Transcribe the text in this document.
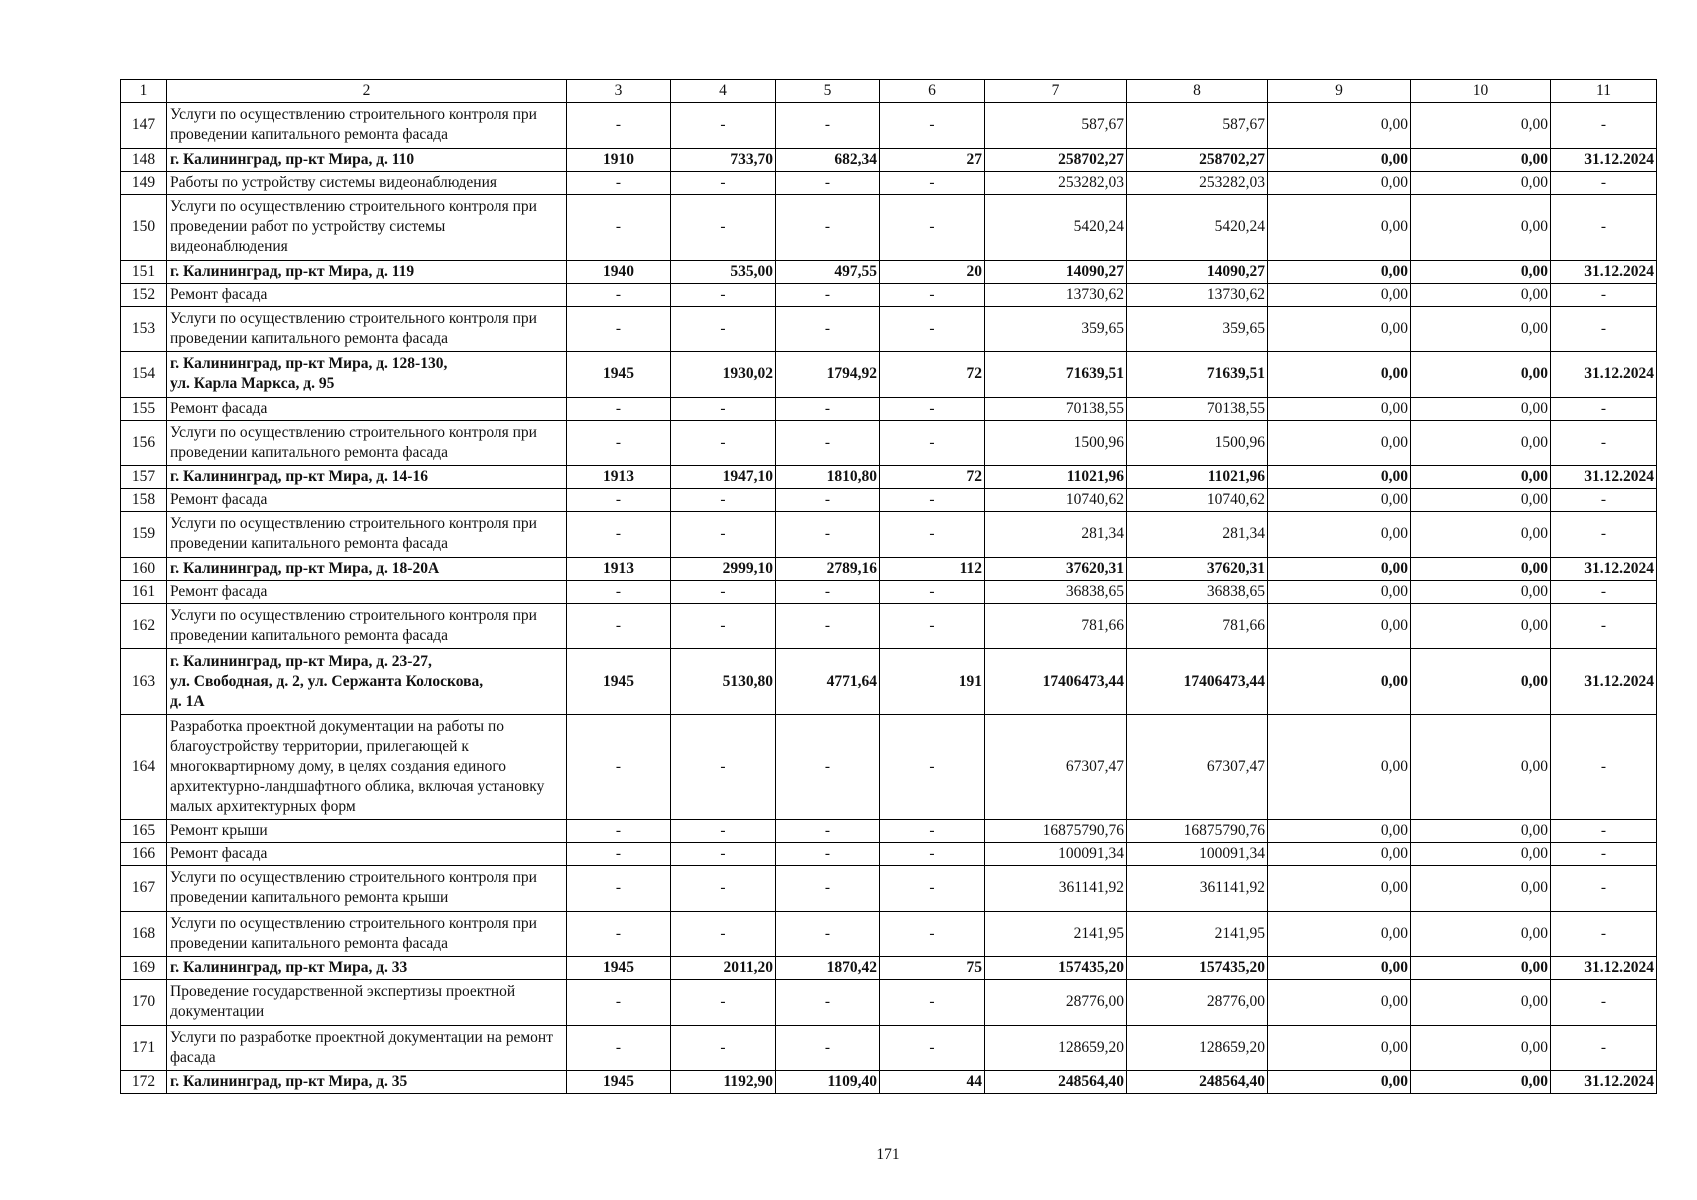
1	2	3	4	5	6	7	8	9	10	11
147	Услуги по осуществлению строительного контроля при
проведении капитального ремонта фасада	-	-	-	-	587,67	587,67	0,00	0,00	-
148	г. Калининград, пр-кт Мира, д. 110	1910	733,70	682,34	27	258702,27	258702,27	0,00	0,00	31.12.2024
149	Работы по устройству системы видеонаблюдения	-	-	-	-	253282,03	253282,03	0,00	0,00	-
150	Услуги по осуществлению строительного контроля при
проведении работ по устройству системы
видеонаблюдения	-	-	-	-	5420,24	5420,24	0,00	0,00	-
151	г. Калининград, пр-кт Мира, д. 119	1940	535,00	497,55	20	14090,27	14090,27	0,00	0,00	31.12.2024
152	Ремонт фасада	-	-	-	-	13730,62	13730,62	0,00	0,00	-
153	Услуги по осуществлению строительного контроля при
проведении капитального ремонта фасада	-	-	-	-	359,65	359,65	0,00	0,00	-
154	г. Калининград, пр-кт Мира, д. 128-130,
ул. Карла Маркса, д. 95	1945	1930,02	1794,92	72	71639,51	71639,51	0,00	0,00	31.12.2024
155	Ремонт фасада	-	-	-	-	70138,55	70138,55	0,00	0,00	-
156	Услуги по осуществлению строительного контроля при
проведении капитального ремонта фасада	-	-	-	-	1500,96	1500,96	0,00	0,00	-
157	г. Калининград, пр-кт Мира, д. 14-16	1913	1947,10	1810,80	72	11021,96	11021,96	0,00	0,00	31.12.2024
158	Ремонт фасада	-	-	-	-	10740,62	10740,62	0,00	0,00	-
159	Услуги по осуществлению строительного контроля при
проведении капитального ремонта фасада	-	-	-	-	281,34	281,34	0,00	0,00	-
160	г. Калининград, пр-кт Мира, д. 18-20А	1913	2999,10	2789,16	112	37620,31	37620,31	0,00	0,00	31.12.2024
161	Ремонт фасада	-	-	-	-	36838,65	36838,65	0,00	0,00	-
162	Услуги по осуществлению строительного контроля при
проведении капитального ремонта фасада	-	-	-	-	781,66	781,66	0,00	0,00	-
163	г. Калининград, пр-кт Мира, д. 23-27,
ул. Свободная, д. 2, ул. Сержанта Колоскова,
д. 1А	1945	5130,80	4771,64	191	17406473,44	17406473,44	0,00	0,00	31.12.2024
164	Разработка проектной документации на работы по
благоустройству территории, прилегающей к
многоквартирному дому, в целях создания единого
архитектурно-ландшафтного облика, включая установку
малых архитектурных форм	-	-	-	-	67307,47	67307,47	0,00	0,00	-
165	Ремонт крыши	-	-	-	-	16875790,76	16875790,76	0,00	0,00	-
166	Ремонт фасада	-	-	-	-	100091,34	100091,34	0,00	0,00	-
167	Услуги по осуществлению строительного контроля при
проведении капитального ремонта крыши	-	-	-	-	361141,92	361141,92	0,00	0,00	-
168	Услуги по осуществлению строительного контроля при
проведении капитального ремонта фасада	-	-	-	-	2141,95	2141,95	0,00	0,00	-
169	г. Калининград, пр-кт Мира, д. 33	1945	2011,20	1870,42	75	157435,20	157435,20	0,00	0,00	31.12.2024
170	Проведение государственной экспертизы проектной
документации	-	-	-	-	28776,00	28776,00	0,00	0,00	-
171	Услуги по разработке проектной документации на ремонт
фасада	-	-	-	-	128659,20	128659,20	0,00	0,00	-
172	г. Калининград, пр-кт Мира, д. 35	1945	1192,90	1109,40	44	248564,40	248564,40	0,00	0,00	31.12.2024
171
